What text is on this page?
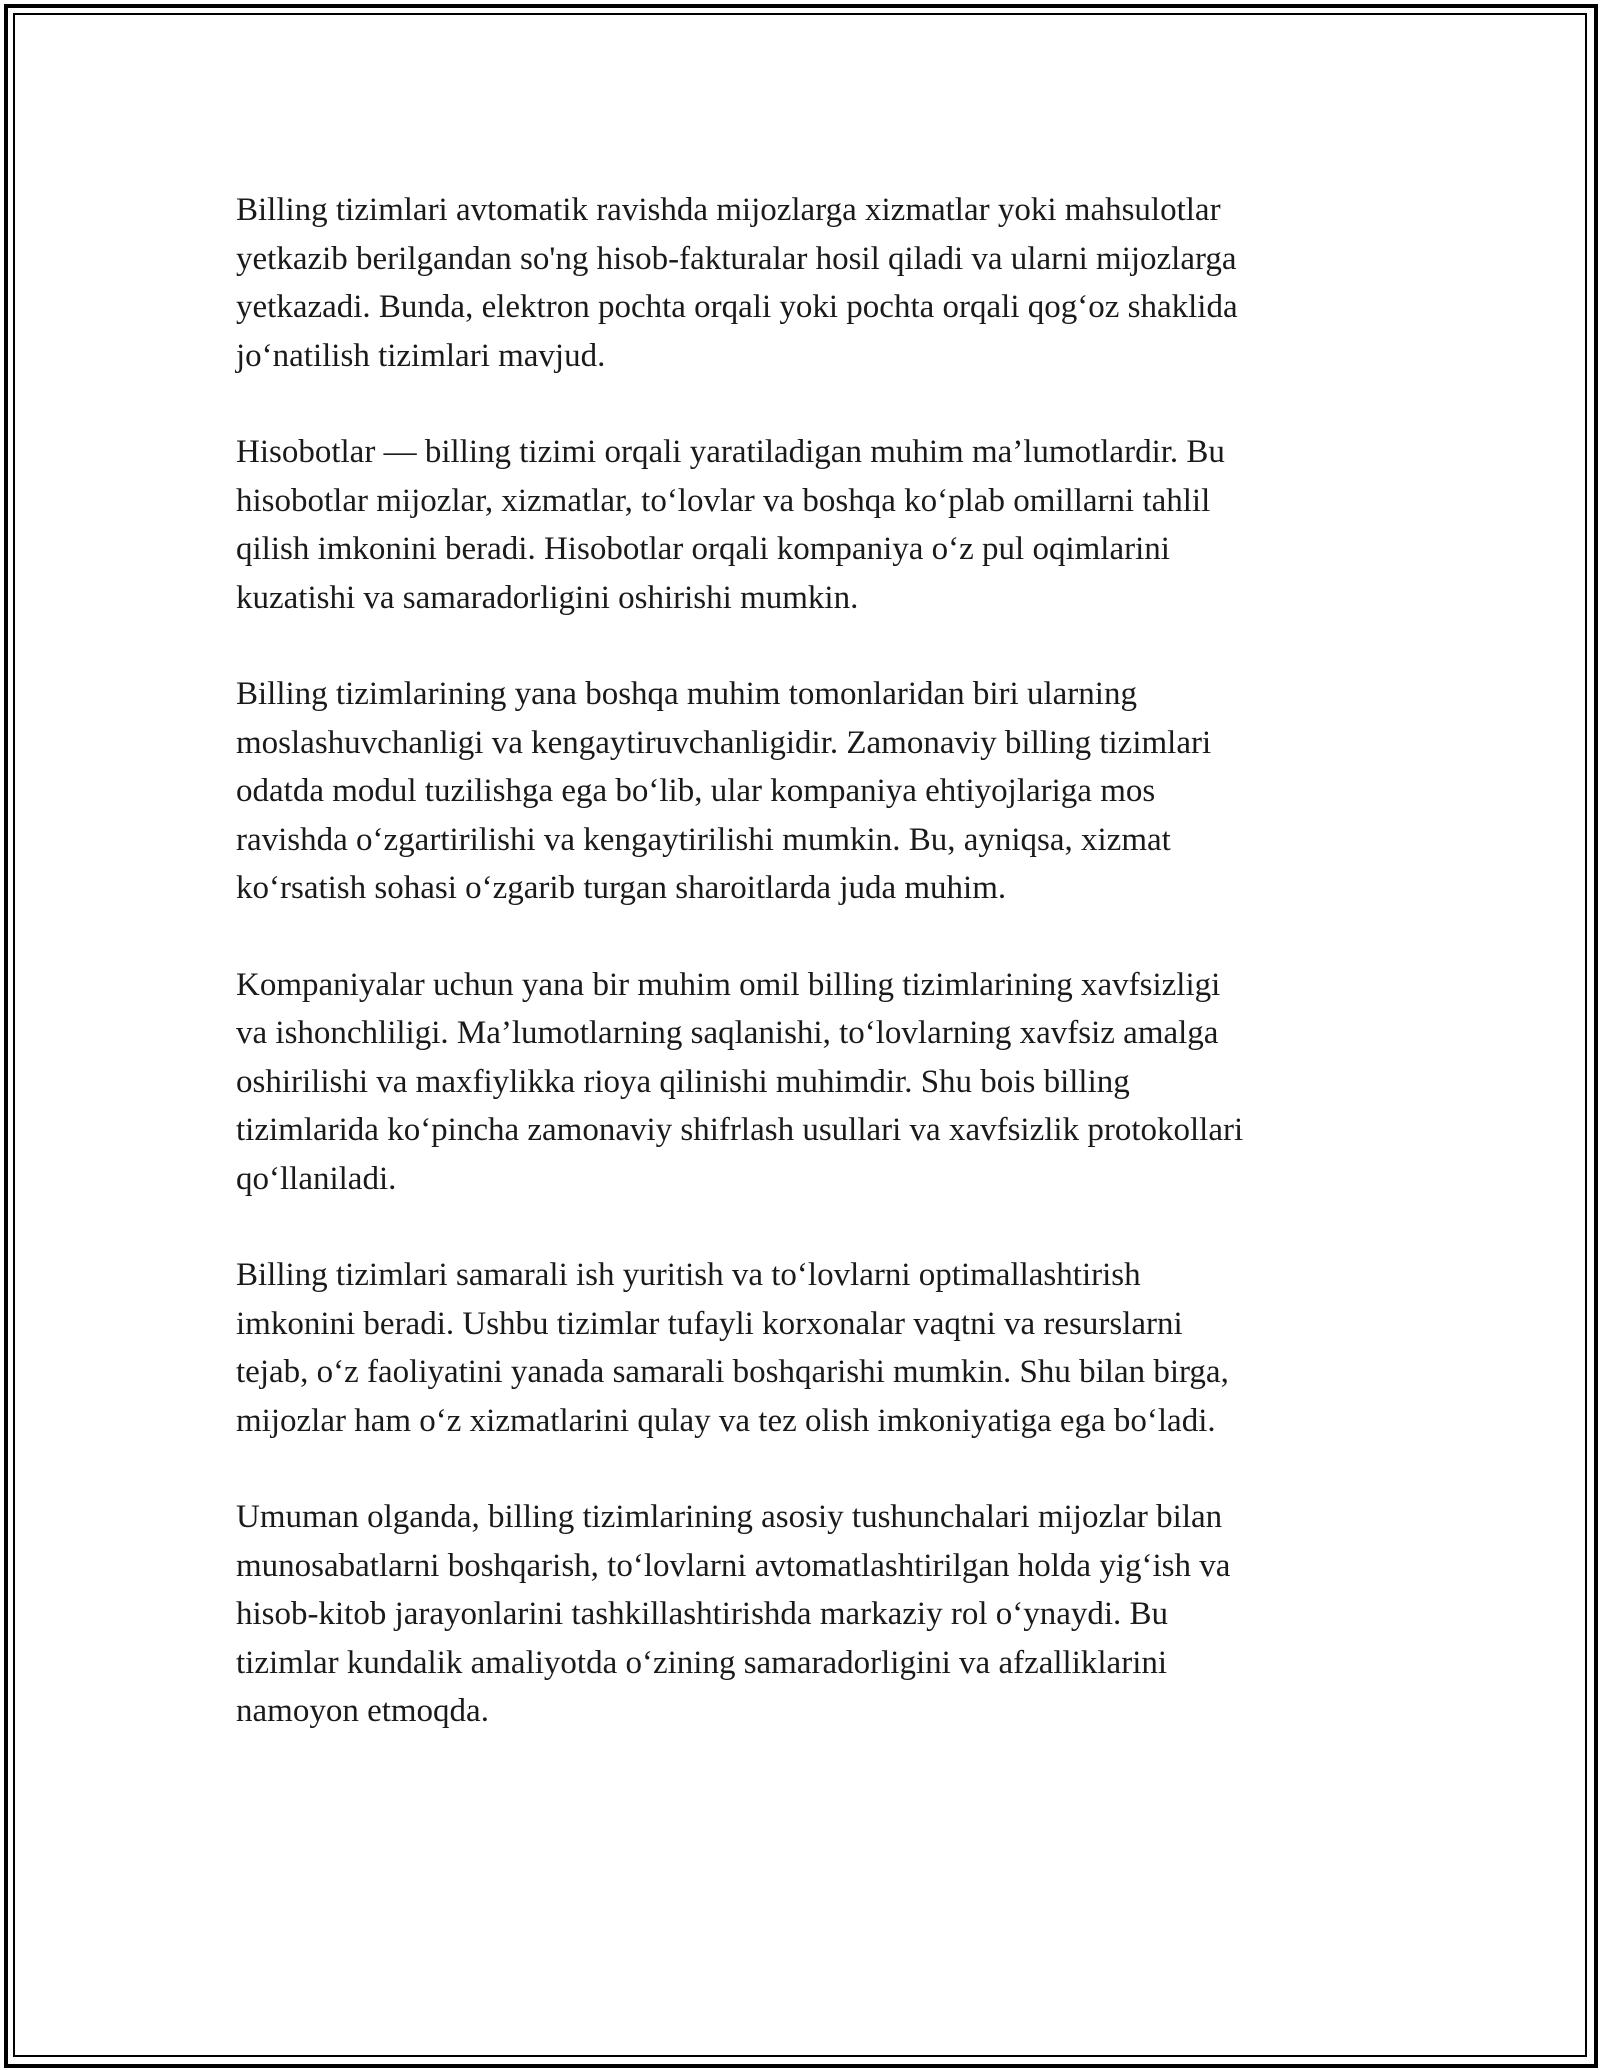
Billing tizimlari avtomatik ravishda mijozlarga xizmatlar yoki mahsulotlar
yetkazib berilgandan so'ng hisob-fakturalar hosil qiladi va ularni mijozlarga
yetkazadi. Bunda, elektron pochta orqali yoki pochta orqali qog‘oz shaklida
jo‘natilish tizimlari mavjud.

Hisobotlar — billing tizimi orqali yaratiladigan muhim ma’lumotlardir. Bu
hisobotlar mijozlar, xizmatlar, to‘lovlar va boshqa ko‘plab omillarni tahlil
qilish imkonini beradi. Hisobotlar orqali kompaniya o‘z pul oqimlarini
kuzatishi va samaradorligini oshirishi mumkin.

Billing tizimlarining yana boshqa muhim tomonlaridan biri ularning
moslashuvchanligi va kengaytiruvchanligidir. Zamonaviy billing tizimlari
odatda modul tuzilishga ega bo‘lib, ular kompaniya ehtiyojlariga mos
ravishda o‘zgartirilishi va kengaytirilishi mumkin. Bu, ayniqsa, xizmat
ko‘rsatish sohasi o‘zgarib turgan sharoitlarda juda muhim.

Kompaniyalar uchun yana bir muhim omil billing tizimlarining xavfsizligi
va ishonchliligi. Ma’lumotlarning saqlanishi, to‘lovlarning xavfsiz amalga
oshirilishi va maxfiylikka rioya qilinishi muhimdir. Shu bois billing
tizimlarida ko‘pincha zamonaviy shifrlash usullari va xavfsizlik protokollari
qo‘llaniladi.

Billing tizimlari samarali ish yuritish va to‘lovlarni optimallashtirish
imkonini beradi. Ushbu tizimlar tufayli korxonalar vaqtni va resurslarni
tejab, o‘z faoliyatini yanada samarali boshqarishi mumkin. Shu bilan birga,
mijozlar ham o‘z xizmatlarini qulay va tez olish imkoniyatiga ega bo‘ladi.

Umuman olganda, billing tizimlarining asosiy tushunchalari mijozlar bilan
munosabatlarni boshqarish, to‘lovlarni avtomatlashtirilgan holda yig‘ish va
hisob-kitob jarayonlarini tashkillashtirishda markaziy rol o‘ynaydi. Bu
tizimlar kundalik amaliyotda o‘zining samaradorligini va afzalliklarini
namoyon etmoqda.
